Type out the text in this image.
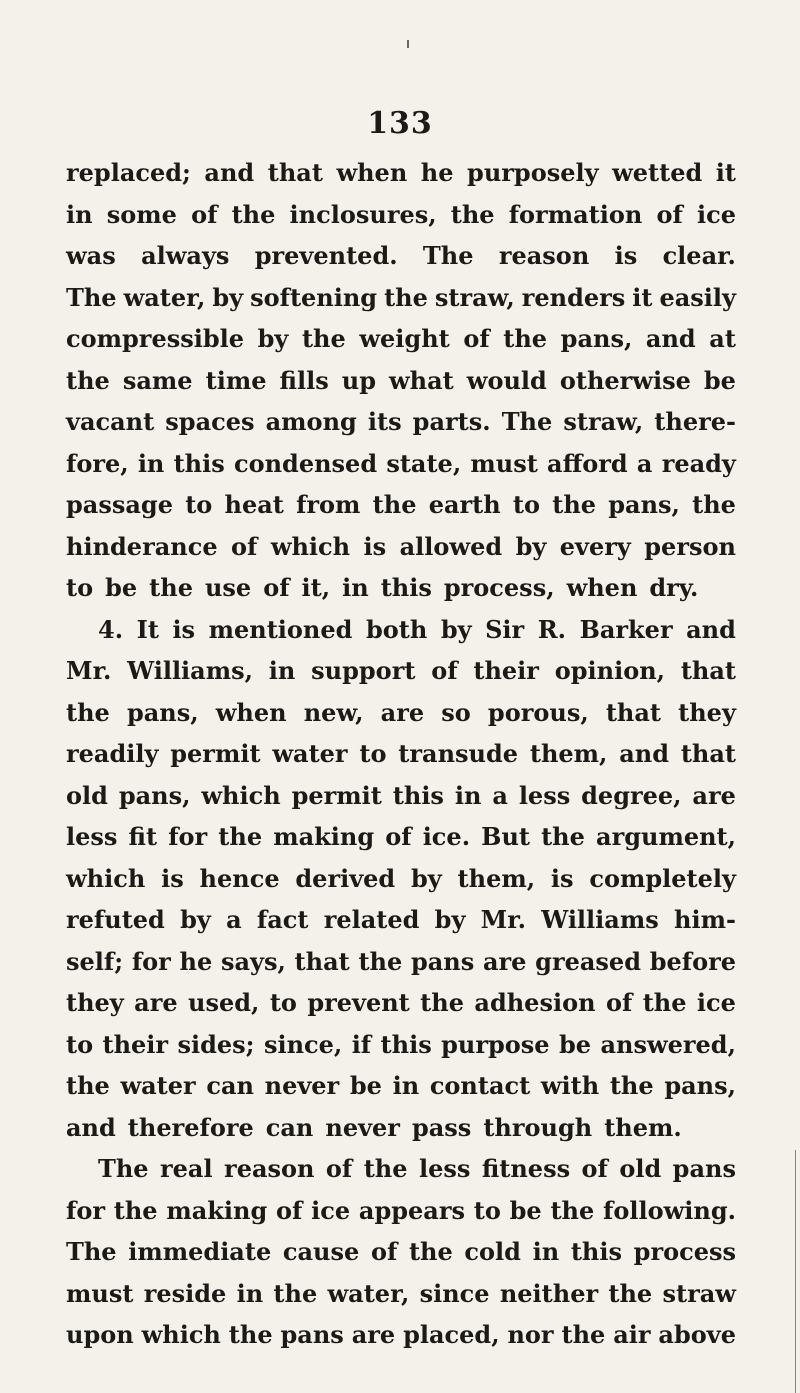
133
replaced; and that when he purposely wetted it
in some of the inclosures, the formation of ice
was always prevented. The reason is clear.
The water, by softening the straw, renders it easily
compressible by the weight of the pans, and at
the same time fills up what would otherwise be
vacant spaces among its parts. The straw, there-
fore, in this condensed state, must afford a ready
passage to heat from the earth to the pans, the
hinderance of which is allowed by every person
to be the use of it, in this process, when dry.
4. It is mentioned both by Sir R. Barker and
Mr. Williams, in support of their opinion, that
the pans, when new, are so porous, that they
readily permit water to transude them, and that
old pans, which permit this in a less degree, are
less fit for the making of ice. But the argument,
which is hence derived by them, is completely
refuted by a fact related by Mr. Williams him-
self; for he says, that the pans are greased before
they are used, to prevent the adhesion of the ice
to their sides; since, if this purpose be answered,
the water can never be in contact with the pans,
and therefore can never pass through them.
The real reason of the less fitness of old pans
for the making of ice appears to be the following.
The immediate cause of the cold in this process
must reside in the water, since neither the straw
upon which the pans are placed, nor the air above
